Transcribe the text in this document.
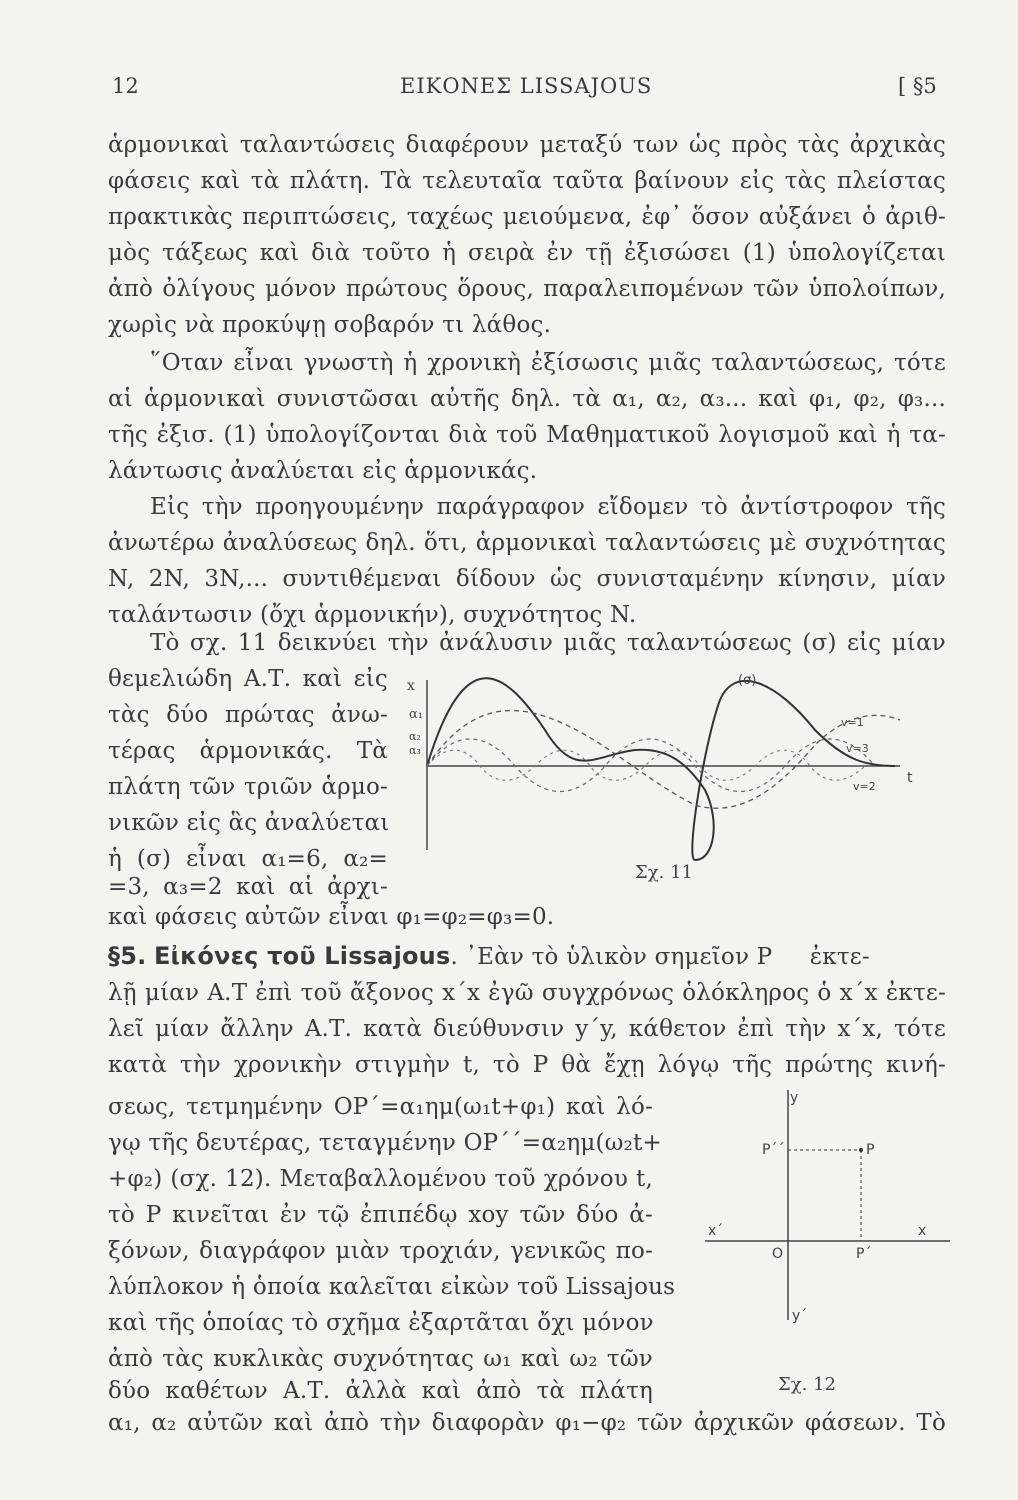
12	ΕΙΚΟΝΕΣ LISSAJOUS	[ §5
ἁρμονικαὶ ταλαντώσεις διαφέρουν μεταξύ των ὡς πρὸς τὰς ἀρχικὰς
φάσεις καὶ τὰ πλάτη. Τὰ τελευταῖα ταῦτα βαίνουν εἰς τὰς πλείστας
πρακτικὰς περιπτώσεις, ταχέως μειούμενα, ἐφ᾽ ὅσον αὐξάνει ὁ ἀριθ-
μὸς τάξεως καὶ διὰ τοῦτο ἡ σειρὰ ἐν τῇ ἐξισώσει (1) ὑπολογίζεται
ἀπὸ ὀλίγους μόνον πρώτους ὅρους, παραλειπομένων τῶν ὑπολοίπων,
χωρὶς νὰ προκύψῃ σοβαρόν τι λάθος.
῞Οταν εἶναι γνωστὴ ἡ χρονικὴ ἐξίσωσις μιᾶς ταλαντώσεως, τότε
αἱ ἁρμονικαὶ συνιστῶσαι αὐτῆς δηλ. τὰ α₁, α₂, α₃... καὶ φ₁, φ₂, φ₃...
τῆς ἐξισ. (1) ὑπολογίζονται διὰ τοῦ Μαθηματικοῦ λογισμοῦ καὶ ἡ τα-
λάντωσις ἀναλύεται εἰς ἁρμονικάς.
Εἰς τὴν προηγουμένην παράγραφον εἴδομεν τὸ ἀντίστροφον τῆς
ἀνωτέρω ἀναλύσεως δηλ. ὅτι, ἁρμονικαὶ ταλαντώσεις μὲ συχνότητας
N, 2N, 3N,... συντιθέμεναι δίδουν ὡς συνισταμένην κίνησιν, μίαν
ταλάντωσιν (ὄχι ἁρμονικήν), συχνότητος N.
Τὸ σχ. 11 δεικνύει τὴν ἀνάλυσιν μιᾶς ταλαντώσεως (σ) εἰς μίαν
θεμελιώδη Α.Τ. καὶ εἰς
τὰς δύο πρώτας ἀνω-
τέρας ἁρμονικάς. Τὰ
πλάτη τῶν τριῶν ἁρμο-
νικῶν εἰς ἃς ἀναλύεται
ἡ (σ) εἶναι α₁=6, α₂=
=3, α₃=2 καὶ αἱ ἀρχι-
καὶ φάσεις αὐτῶν εἶναι φ₁=φ₂=φ₃=0.
x
α₁
α₂
α₃
(σ)
v=1
v=3
v=2
t
Σχ. 11
§5. Εἰκόνες τοῦ Lissajous. ᾽Εὰν τὸ ὑλικὸν σημεῖον P ἐκτε-
λῇ μίαν Α.Τ ἐπὶ τοῦ ἄξονος x΄x ἐγῶ συγχρόνως ὁλόκληρος ὁ x΄x ἐκτε-
λεῖ μίαν ἄλλην Α.Τ. κατὰ διεύθυνσιν y΄y, κάθετον ἐπὶ τὴν x΄x, τότε
κατὰ τὴν χρονικὴν στιγμὴν t, τὸ P θὰ ἔχῃ λόγῳ τῆς πρώτης κινή-
σεως, τετμημένην OP΄=α₁ημ(ω₁t+φ₁) καὶ λό-
γῳ τῆς δευτέρας, τεταγμένην OP΄΄=α₂ημ(ω₂t+
+φ₂) (σχ. 12). Μεταβαλλομένου τοῦ χρόνου t,
τὸ P κινεῖται ἐν τῷ ἐπιπέδῳ xoy τῶν δύο ἀ-
ξόνων, διαγράφον μιὰν τροχιάν, γενικῶς πο-
λύπλοκον ἡ ὁποία καλεῖται εἰκὼν τοῦ Lissajous
καὶ τῆς ὁποίας τὸ σχῆμα ἐξαρτᾶται ὄχι μόνον
ἀπὸ τὰς κυκλικὰς συχνότητας ω₁ καὶ ω₂ τῶν
δύο καθέτων Α.Τ. ἀλλὰ καὶ ἀπὸ τὰ πλάτη
α₁, α₂ αὐτῶν καὶ ἀπὸ τὴν διαφορὰν φ₁−φ₂ τῶν ἀρχικῶν φάσεων. Τὸ
y
y΄
x
x΄
O
P
P΄
P΄΄
Σχ. 12
